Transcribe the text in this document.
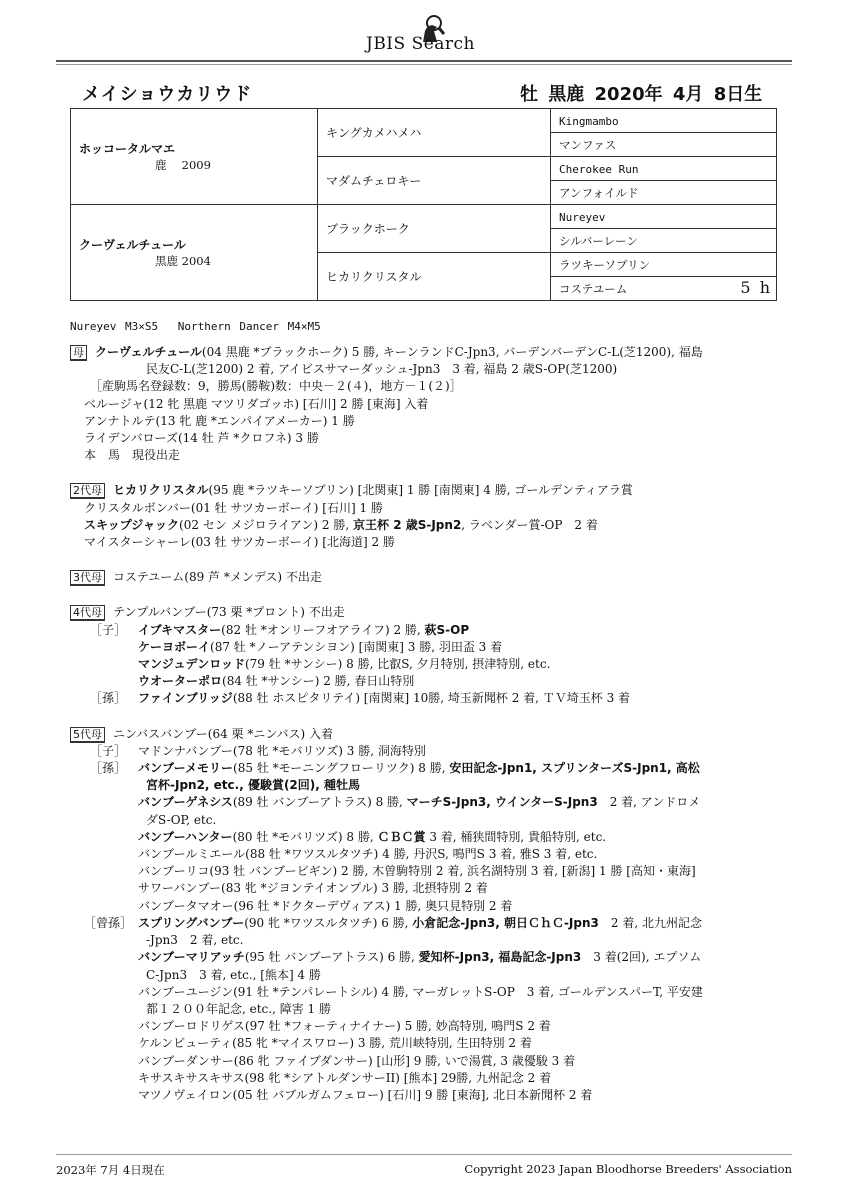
JBIS Search
メイショウカリウド	牡 黒鹿 2020年 4月 8日生
ホッコータルマエ
鹿　 2009	キングカメハメハ	Kingmambo
		マンファス
	マダムチェロキー	Cherokee Run
		アンフォイルド

クーヴェルチュール
黒鹿 2004	ブラックホーク	Nureyev
		シルバーレーン
	ヒカリクリスタル	ラツキーソブリン
		コステユーム 5 h
Nureyev M3×S5　 Northern Dancer M4×M5
母 クーヴェルチュール(04 黒鹿 *ブラックホーク) 5 勝, キーンランドC-Jpn3, バーデンバーデンC-L(芝1200), 福島
民友C-L(芝1200) 2 着, アイビスサマーダッシュ-Jpn3　3 着, 福島 2 歳S-OP(芝1200)
［産駒馬名登録数：9，勝馬(勝鞍)数：中央－２(４)，地方－１(２)］
ベルージャ(12 牝 黒鹿 マツリダゴッホ) [石川] 2 勝 [東海] 入着
アンナトルテ(13 牝 鹿 *エンパイアメーカー) 1 勝
ライデンバローズ(14 牡 芦 *クロフネ) 3 勝
本　馬　現役出走
2代母 ヒカリクリスタル(95 鹿 *ラツキーソブリン) [北関東] 1 勝 [南関東] 4 勝, ゴールデンティアラ賞
クリスタルボンバー(01 牡 サツカーボーイ) [石川] 1 勝
スキップジャック(02 セン メジロライアン) 2 勝, 京王杯 2 歳S-Jpn2, ラベンダー賞-OP　2 着
マイスターシャーレ(03 牡 サツカーボーイ) [北海道] 2 勝
3代母 コステユーム(89 芦 *メンデス) 不出走
4代母 テンプルバンブー(73 栗 *プロント) 不出走
［子］ イブキマスター(82 牡 *オンリーフオアライフ) 2 勝, 萩S-OP
ケーヨボーイ(87 牡 *ノーアテンシヨン) [南関東] 3 勝, 羽田盃 3 着
マンジュデンロッド(79 牡 *サンシー) 8 勝, 比叡S, 夕月特別, 摂津特別, etc.
ウオーターポロ(84 牡 *サンシー) 2 勝, 春日山特別
［孫］ ファインブリッジ(88 牡 ホスピタリテイ) [南関東] 10勝, 埼玉新聞杯 2 着, ＴＶ埼玉杯 3 着
5代母 ニンバスバンブー(64 栗 *ニンバス) 入着
［子］ マドンナバンブー(78 牝 *モバリツズ) 3 勝, 洞海特別
［孫］ バンブーメモリー(85 牡 *モーニングフローリツク) 8 勝, 安田記念-Jpn1, スプリンターズS-Jpn1, 高松
宮杯-Jpn2, etc., 優駿賞(2回), 種牡馬
バンブーゲネシス(89 牡 バンブーアトラス) 8 勝, マーチS-Jpn3, ウインターS-Jpn3　2 着, アンドロメ
ダS-OP, etc.
バンブーハンター(80 牡 *モバリツズ) 8 勝, ＣＢＣ賞 3 着, 桶狭間特別, 貴船特別, etc.
バンブールミエール(88 牡 *ワツスルタツチ) 4 勝, 丹沢S, 鳴門S 3 着, 雅S 3 着, etc.
バンブーリコ(93 牡 バンブービギン) 2 勝, 木曽駒特別 2 着, 浜名湖特別 3 着, [新潟] 1 勝 [高知・東海]
サワーバンブー(83 牝 *ジヨンテイオンプル) 3 勝, 北摂特別 2 着
バンブータマオー(96 牡 *ドクターデヴィアス) 1 勝, 奥只見特別 2 着
［曾孫］ スプリングバンブー(90 牝 *ワツスルタツチ) 6 勝, 小倉記念-Jpn3, 朝日ＣｈＣ-Jpn3　2 着, 北九州記念
-Jpn3　2 着, etc.
バンブーマリアッチ(95 牡 バンブーアトラス) 6 勝, 愛知杯-Jpn3, 福島記念-Jpn3　3 着(2回), エプソム
C-Jpn3　3 着, etc., [熊本] 4 勝
バンブーユージン(91 牡 *テンパレートシル) 4 勝, マーガレットS-OP　3 着, ゴールデンスパーT, 平安建
都１２００年記念, etc., 障害 1 勝
バンブーロドリゲス(97 牡 *フォーティナイナー) 5 勝, 妙高特別, 鳴門S 2 着
ケルンビューティ(85 牝 *マイスワロー) 3 勝, 荒川峡特別, 生田特別 2 着
バンブーダンサー(86 牝 ファイブダンサー) [山形] 9 勝, いで湯賞, 3 歳優駿 3 着
キサスキサスキサス(98 牝 *シアトルダンサーII) [熊本] 29勝, 九州記念 2 着
マツノヴェイロン(05 牡 バブルガムフェロー) [石川] 9 勝 [東海], 北日本新聞杯 2 着
2023年 7月 4日現在	Copyright 2023 Japan Bloodhorse Breeders' Association
